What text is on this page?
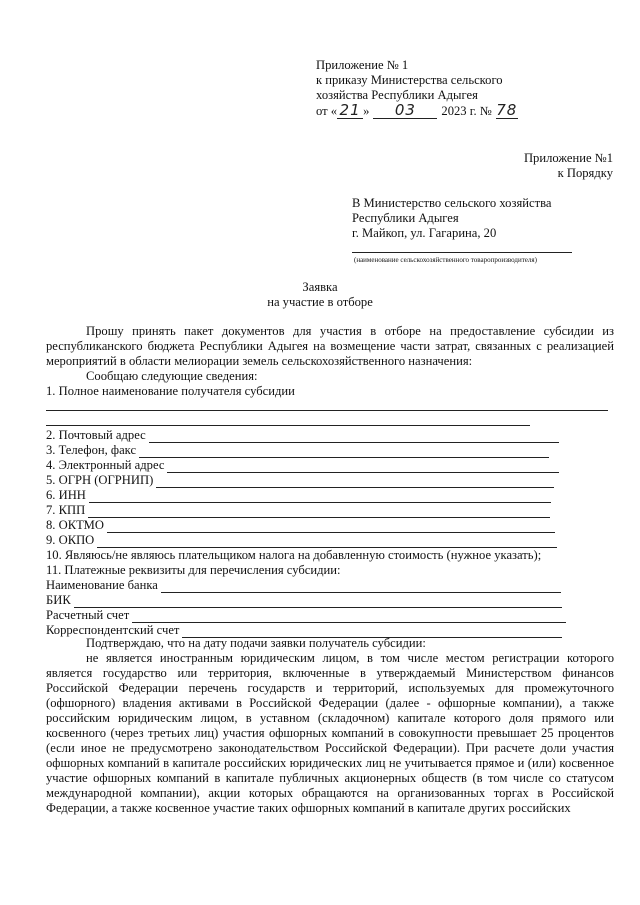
Приложение № 1
к приказу Министерства сельского
хозяйства Республики Адыгея
от « 21 »	03	2023 г. № 78
Приложение №1
к Порядку
В Министерство сельского хозяйства
Республики Адыгея
г. Майкоп, ул. Гагарина, 20
(наименование сельскохозяйственного товаропроизводителя)
Заявка
на участие в отборе
Прошу принять пакет документов для участия в отборе на предоставление субсидии из республиканского бюджета Республики Адыгея на возмещение части затрат, связанных с реализацией мероприятий в области мелиорации земель сельскохозяйственного назначения:
Сообщаю следующие сведения:
1. Полное наименование получателя субсидии
2. Почтовый адрес
3. Телефон, факс
4. Электронный адрес
5. ОГРН (ОГРНИП)
6. ИНН
7. КПП
8. ОКТМО
9. ОКПО
10. Являюсь/не являюсь плательщиком налога на добавленную стоимость (нужное указать);
11. Платежные реквизиты для перечисления субсидии:
Наименование банка
БИК
Расчетный счет
Корреспондентский счет
Подтверждаю, что на дату подачи заявки получатель субсидии:
не является иностранным юридическим лицом, в том числе местом регистрации которого является государство или территория, включенные в утверждаемый Министерством финансов Российской Федерации перечень государств и территорий, используемых для промежуточного (офшорного) владения активами в Российской Федерации (далее - офшорные компании), а также российским юридическим лицом, в уставном (складочном) капитале которого доля прямого или косвенного (через третьих лиц) участия офшорных компаний в совокупности превышает 25 процентов (если иное не предусмотрено законодательством Российской Федерации). При расчете доли участия офшорных компаний в капитале российских юридических лиц не учитывается прямое и (или) косвенное участие офшорных компаний в капитале публичных акционерных обществ (в том числе со статусом международной компании), акции которых обращаются на организованных торгах в Российской Федерации, а также косвенное участие таких офшорных компаний в капитале других российских
